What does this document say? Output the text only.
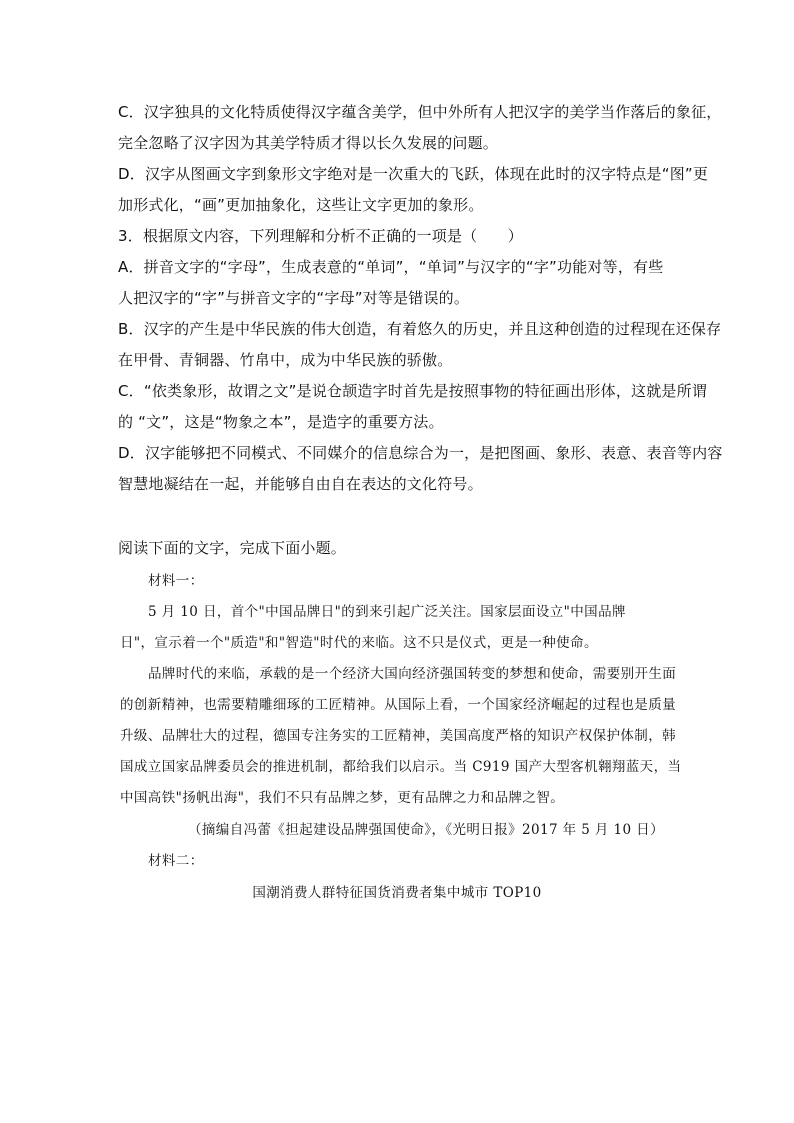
C．汉字独具的文化特质使得汉字蕴含美学，但中外所有人把汉字的美学当作落后的象征，
完全忽略了汉字因为其美学特质才得以长久发展的问题。
D．汉字从图画文字到象形文字绝对是一次重大的飞跃，体现在此时的汉字特点是“图”更
加形式化，“画”更加抽象化，这些让文字更加的象形。
3．根据原文内容，下列理解和分析不正确的一项是（　　）
A．拼音文字的“字母”，生成表意的“单词”，“单词”与汉字的“字”功能对等，有些
人把汉字的“字”与拼音文字的“字母”对等是错误的。
B．汉字的产生是中华民族的伟大创造，有着悠久的历史，并且这种创造的过程现在还保存
在甲骨、青铜器、竹帛中，成为中华民族的骄傲。
C．“依类象形，故谓之文”是说仓颉造字时首先是按照事物的特征画出形体，这就是所谓
的 “文”，这是“物象之本”，是造字的重要方法。
D．汉字能够把不同模式、不同媒介的信息综合为一，是把图画、象形、表意、表音等内容
智慧地凝结在一起，并能够自由自在表达的文化符号。
阅读下面的文字，完成下面小题。
材料一：
5 月 10 日，首个"中国品牌日"的到来引起广泛关注。国家层面设立"中国品牌
日"，宣示着一个"质造"和"智造"时代的来临。这不只是仪式，更是一种使命。
品牌时代的来临，承载的是一个经济大国向经济强国转变的梦想和使命，需要别开生面
的创新精神，也需要精雕细琢的工匠精神。从国际上看，一个国家经济崛起的过程也是质量
升级、品牌壮大的过程，德国专注务实的工匠精神，美国高度严格的知识产权保护体制，韩
国成立国家品牌委员会的推进机制，都给我们以启示。当 C919 国产大型客机翱翔蓝天，当
中国高铁"扬帆出海"，我们不只有品牌之梦，更有品牌之力和品牌之智。
（摘编自冯蕾《担起建设品牌强国使命》，《光明日报》2017 年 5 月 10 日）
材料二：
国潮消费人群特征国货消费者集中城市 TOP10
